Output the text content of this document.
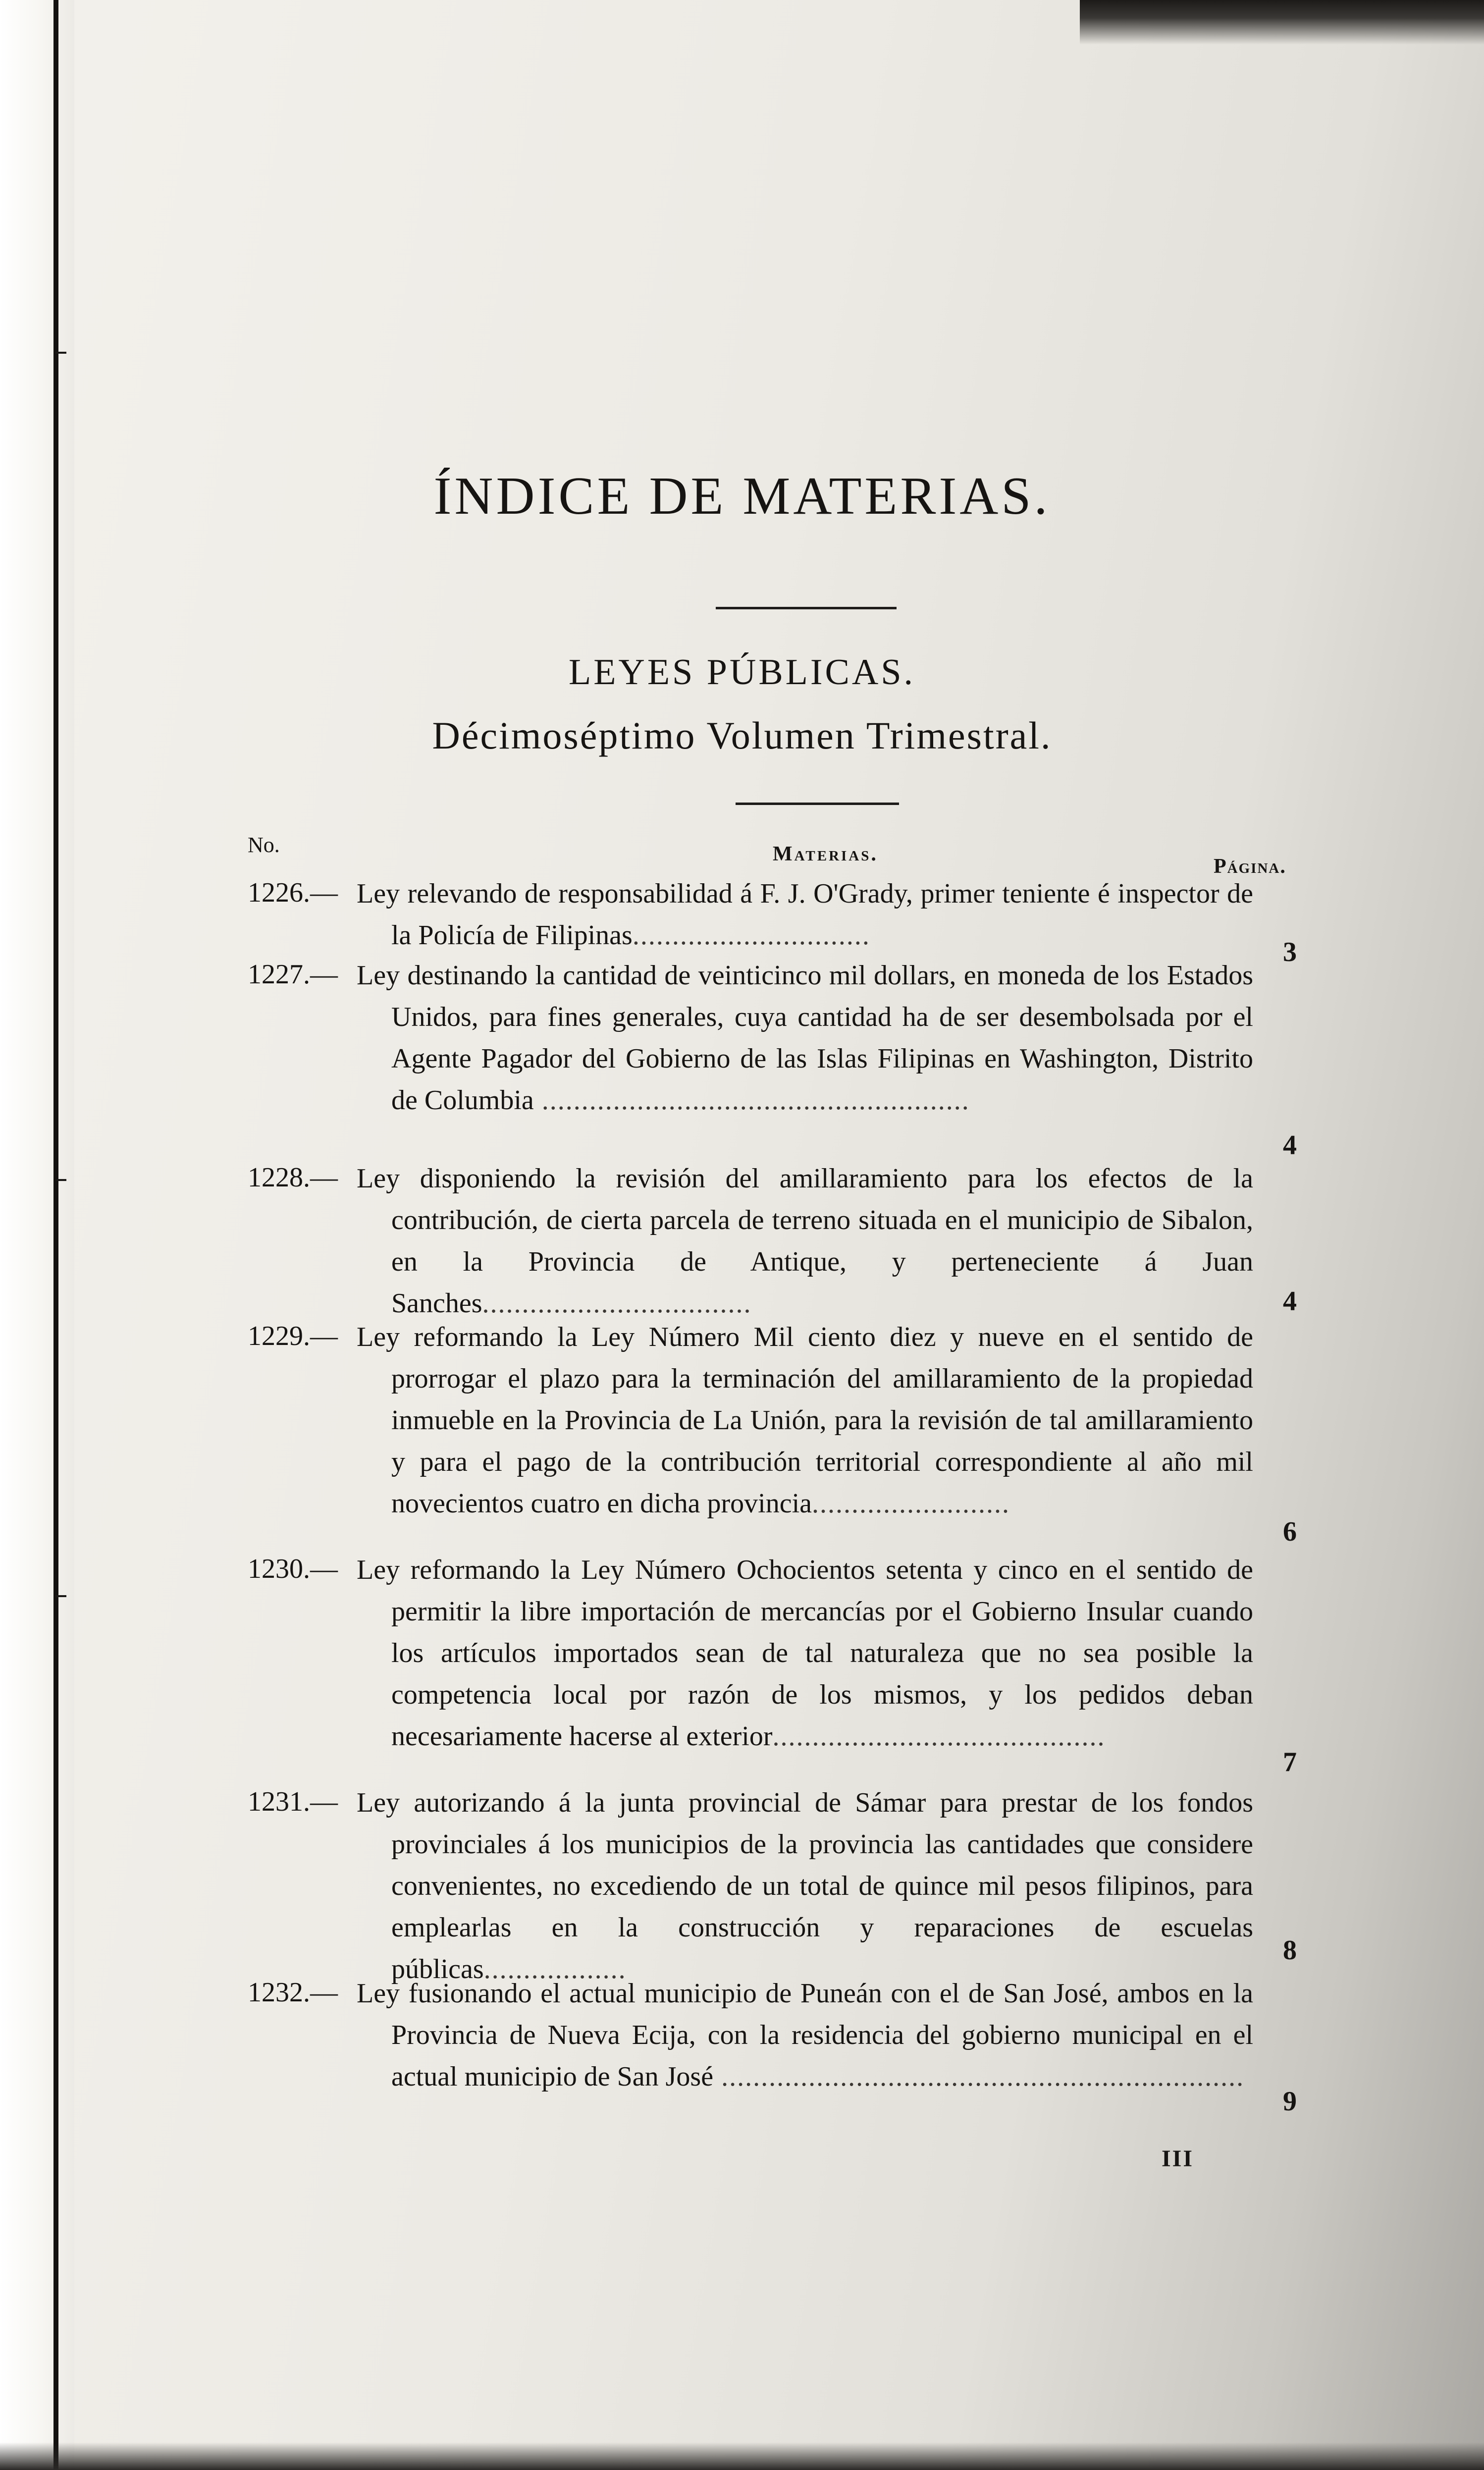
ÍNDICE DE MATERIAS.
LEYES PÚBLICAS.
Décimoséptimo Volumen Trimestral.
No.	Materias.
Página.
1226.— Ley relevando de responsabilidad á F. J. O'Grady, primer teniente é inspector de la Policía de Filipinas..............................

3
1227.— Ley destinando la cantidad de veinticinco mil dollars, en moneda de los Estados Unidos, para fines generales, cuya cantidad ha de ser desembolsada por el Agente Pagador del Gobierno de las Islas Filipinas en Washington, Distrito de Columbia ......................................................

4
1228.— Ley disponiendo la revisión del amillaramiento para los efectos de la contribución, de cierta parcela de terreno situada en el municipio de Sibalon, en la Provincia de Antique, y perteneciente á Juan Sanches..................................	4
1229.— Ley reformando la Ley Número Mil ciento diez y nueve en el sentido de prorrogar el plazo para la terminación del amillaramiento de la propiedad inmueble en la Provincia de La Unión, para la revisión de tal amillaramiento y para el pago de la contribución territorial correspondiente al año mil novecientos cuatro en dicha provincia.........................

6
1230.— Ley reformando la Ley Número Ochocientos setenta y cinco en el sentido de permitir la libre importación de mercancías por el Gobierno Insular cuando los artículos importados sean de tal naturaleza que no sea posible la competencia local por razón de los mismos, y los pedidos deban necesariamente hacerse al exterior..........................................

7
1231.— Ley autorizando á la junta provincial de Sámar para prestar de los fondos provinciales á los municipios de la provincia las cantidades que considere convenientes, no excediendo de un total de quince mil pesos filipinos, para emplearlas en la construcción y reparaciones de escuelas públicas..................

8
1232.— Ley fusionando el actual municipio de Puneán con el de San José, ambos en la Provincia de Nueva Ecija, con la residencia del gobierno municipal en el actual municipio de San José ..................................................................

9
III
